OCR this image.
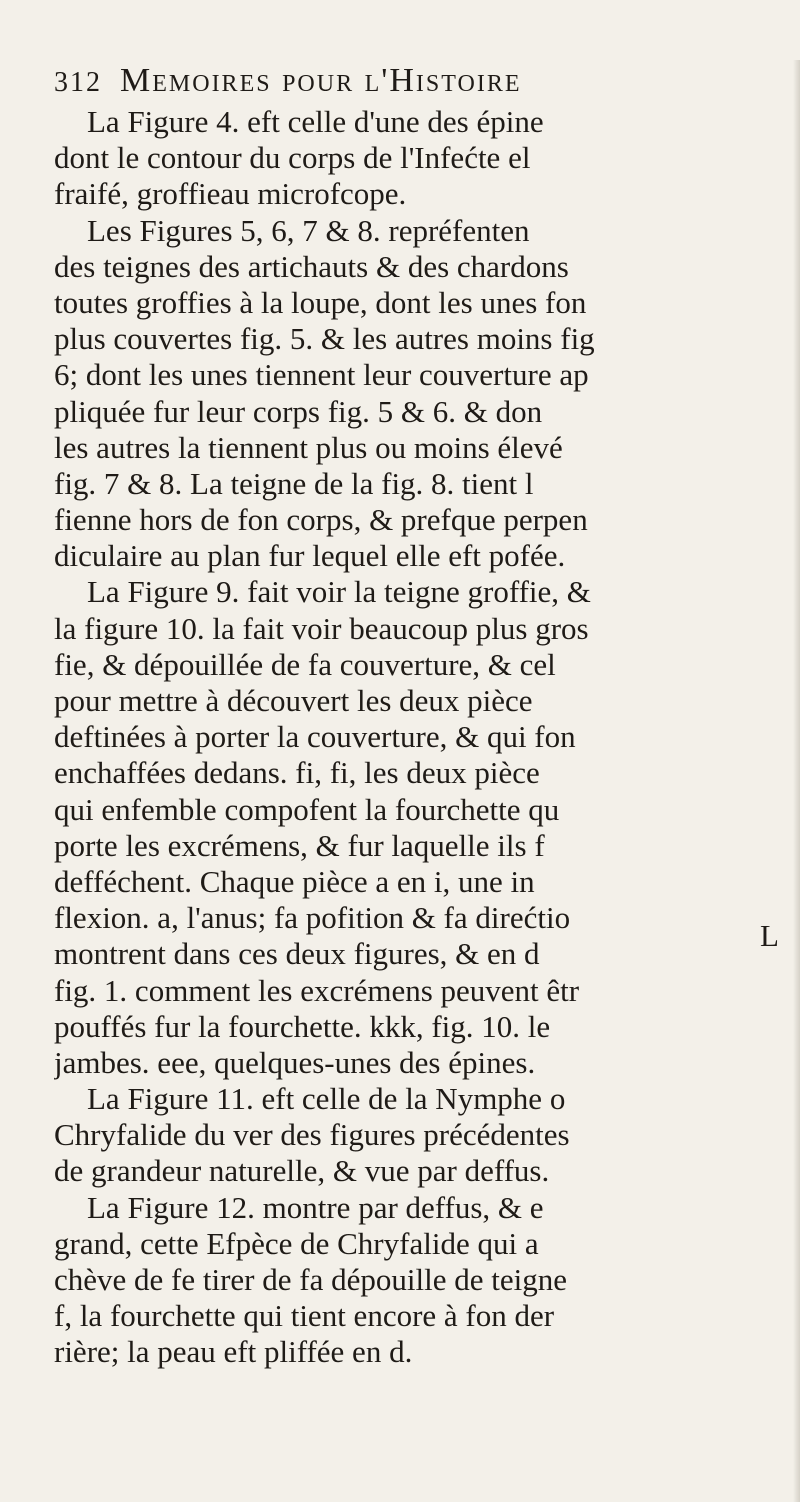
312 Memoires pour l'Histoire
La Figure 4. eft celle d'une des épine
dont le contour du corps de l'Infećte el
fraifé, groffieau microfcope.
Les Figures 5, 6, 7 & 8. repréfenten
des teignes des artichauts & des chardons
toutes groffies à la loupe, dont les unes fon
plus couvertes fig. 5. & les autres moins fig
6; dont les unes tiennent leur couverture ap
pliquée fur leur corps fig. 5 & 6. & don
les autres la tiennent plus ou moins élevé
fig. 7 & 8. La teigne de la fig. 8. tient l
fienne hors de fon corps, & prefque perpen
diculaire au plan fur lequel elle eft pofée.
La Figure 9. fait voir la teigne groffie, &
la figure 10. la fait voir beaucoup plus gros
fie, & dépouillée de fa couverture, & cel
pour mettre à découvert les deux pièce
deftinées à porter la couverture, & qui fon
enchaffées dedans. fi, fi, les deux pièce
qui enfemble compofent la fourchette qu
porte les excrémens, & fur laquelle ils f
defféchent. Chaque pièce a en i, une in
flexion. a, l'anus; fa pofition & fa direćtio
montrent dans ces deux figures, & en d
fig. 1. comment les excrémens peuvent êtr
pouffés fur la fourchette. kkk, fig. 10. le
jambes. eee, quelques-unes des épines.
La Figure 11. eft celle de la Nymphe o
Chryfalide du ver des figures précédentes
de grandeur naturelle, & vue par deffus.
La Figure 12. montre par deffus, & e
grand, cette Efpèce de Chryfalide qui a
chève de fe tirer de fa dépouille de teigne
f, la fourchette qui tient encore à fon der
rière; la peau eft pliffée en d.
L
